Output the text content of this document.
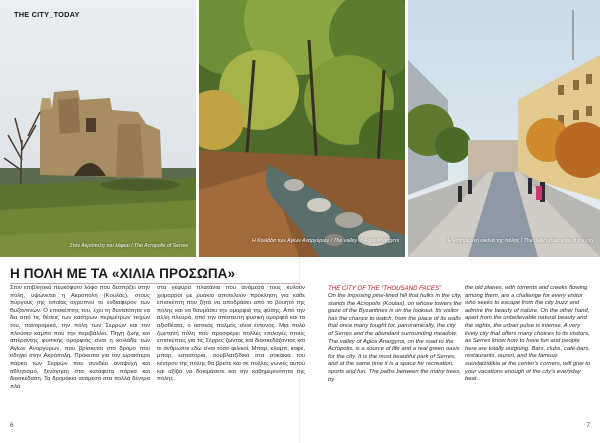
THE CITY_TODAY
Στον Ακρόπολη του λόφου / The Acropolis of Serres
Η Κοιλάδα των Αγίων Αναργύρων / The valley of Agioi Anargyroi	Η καθημερινή εικόνα της πόλης / The daily urban side of the city
Η ΠΟΛΗ ΜΕ ΤΑ «ΧΙΛΙΑ ΠΡΟΣΩΠΑ»

Στον επιβλητικό πευκόφυτο λόφο που δεσπόζει στην πόλη, υψώνεται η Ακρόπολη (Κουλάς), στους πύργους της οποίας αγρυπνεί το ενδιαφέρον των Βυζαντινών. Ο επισκέπτης του, έχει τη δυνατότητα να δει από τις θέσεις των κάστρων περιμέτρων τειχών του, πανοραμικά, την πόλη των Σερρών και τον πλούσιο κάμπο που την περιβάλλει. Πηγή ζωής και απέραντης φυσικής ομορφιάς είναι η κοιλάδα των Αγίων Αναργύρων, που βρίσκεται στο δρόμο που οδηγεί στην Ακρόπολη. Πρόκειται για τον ωραιότερο πάρκο των Σερρών που συνδέει αναψυχή και αθλητισμό, ξενάγηση στα κατάφυτα πάρκα και διασκέδαση. Τα δρομάκια ανάμεσα στα πολλά δέντρα πλά

στα γέφυρα πλατάνια που ανάμεσά τους κυλούν χείμαρροι με ρυάκια αποτελούν πρόκληση για κάθε επισκέπτη που ζητά να αποδράσει από το βουητό της πόλης και να θαυμάσει την ομορφιά της φύσης. Από την άλλη πλευρά, από την απίστευτη φυσική ομορφιά και τα αξιοθέατα, ο αστικός παλμός είναι έντονος. Μια πολύ ζωντανή πόλη που προσφέρει πολλές επιλογές στους επισκέπτες για τις Σέρρες ζώντας και διασκεδάζοντας και οι άνθρωποι εδώ είναι τόσο φιλικοί. Μπαρ, κλαμπ, καφέ, μπαρ, εστιατόρια, σουβλατζίδικα στα σοκάκια του κέντρου της πόλης θα βρείτε και σε πολλές γωνιές αυτού και αξίζει να δοκιμάσετε και την καθημερινότητα της πόλης.

THE CITY OF THE “THOUSAND FACES”

On the imposing pine-lined hill that hulks in the city, stands the Acropolis (Koulas), on whose towers the gaze of the Byzantines is on the lookout. Its visitor has the chance to watch, from the place of its walls that once many fought for, panoramically, the city of Serres and the abundant surrounding meadow. The valley of Agios Anargyroi, on the road to the Acropolis, is a source of life and a real green oasis for the city. It is the most beautiful park of Serres, and at the same time it is a space for recreation, sports and fun. The paths between the many trees, by

the old planes, with torrents and creeks flowing among them, are a challenge for every visitor who seeks to escape from the city buzz and admire the beauty of nature. On the other hand, apart from the unbelievable natural beauty and the sights, the urban pulse is intense. A very lively city that offers many choices to its visitors, as Serres know how to have fun and people here are totally outgoing. Bars, clubs, cafe-bars, restaurants, ouzeri, and the famous souvlatzidikia at the center's corners, will give to your vacations enough of the city's everyday beat.

6	7
